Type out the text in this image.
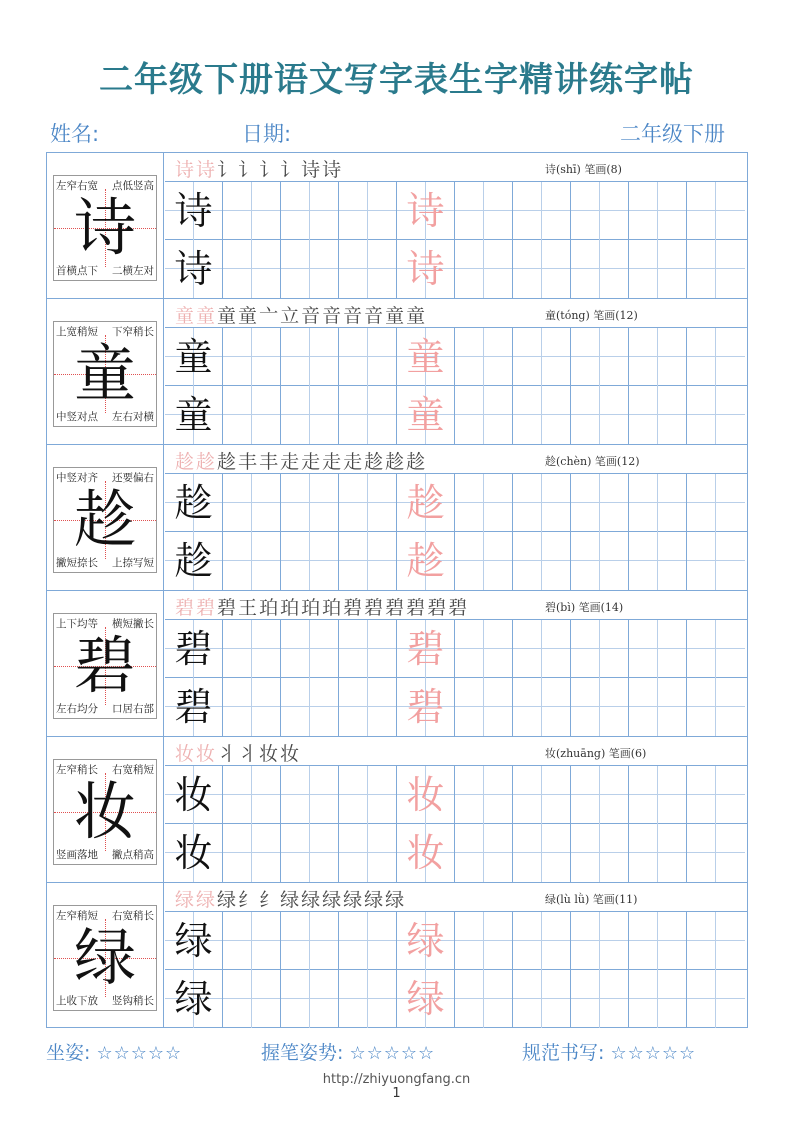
二年级下册语文写字表生字精讲练字帖
姓名:	日期:	二年级下册
左窄右宽 点低竖高
首横点下 二横左对
诗
诗诗讠讠讠讠诗诗	诗(shī) 笔画(8)
诗	诗
诗	诗
上宽稍短 下窄稍长
中竖对点 左右对横
童
童童童童亠立音音音音童童	童(tóng) 笔画(12)
童	童
童	童
中竖对齐 还要偏右
撇短捺长 上捺写短
趁
趁趁趁丰丰走走走走趁趁趁	趁(chèn) 笔画(12)
趁	趁
趁	趁
上下均等 横短撇长
左右均分 口居右部
碧
碧碧碧王珀珀珀珀碧碧碧碧碧碧	碧(bì) 笔画(14)
碧	碧
碧	碧
左窄稍长 右宽稍短
竖画落地 撇点稍高
妆
妆妆丬丬妆妆	妆(zhuāng) 笔画(6)
妆	妆
妆	妆
左窄稍短 右宽稍长
上收下放 竖钩稍长
绿
绿绿绿纟纟绿绿绿绿绿绿	绿(lù lǜ) 笔画(11)
绿	绿
绿	绿
坐姿: ☆☆☆☆☆	握笔姿势: ☆☆☆☆☆	规范书写: ☆☆☆☆☆
http://zhiyuongfang.cn
1
